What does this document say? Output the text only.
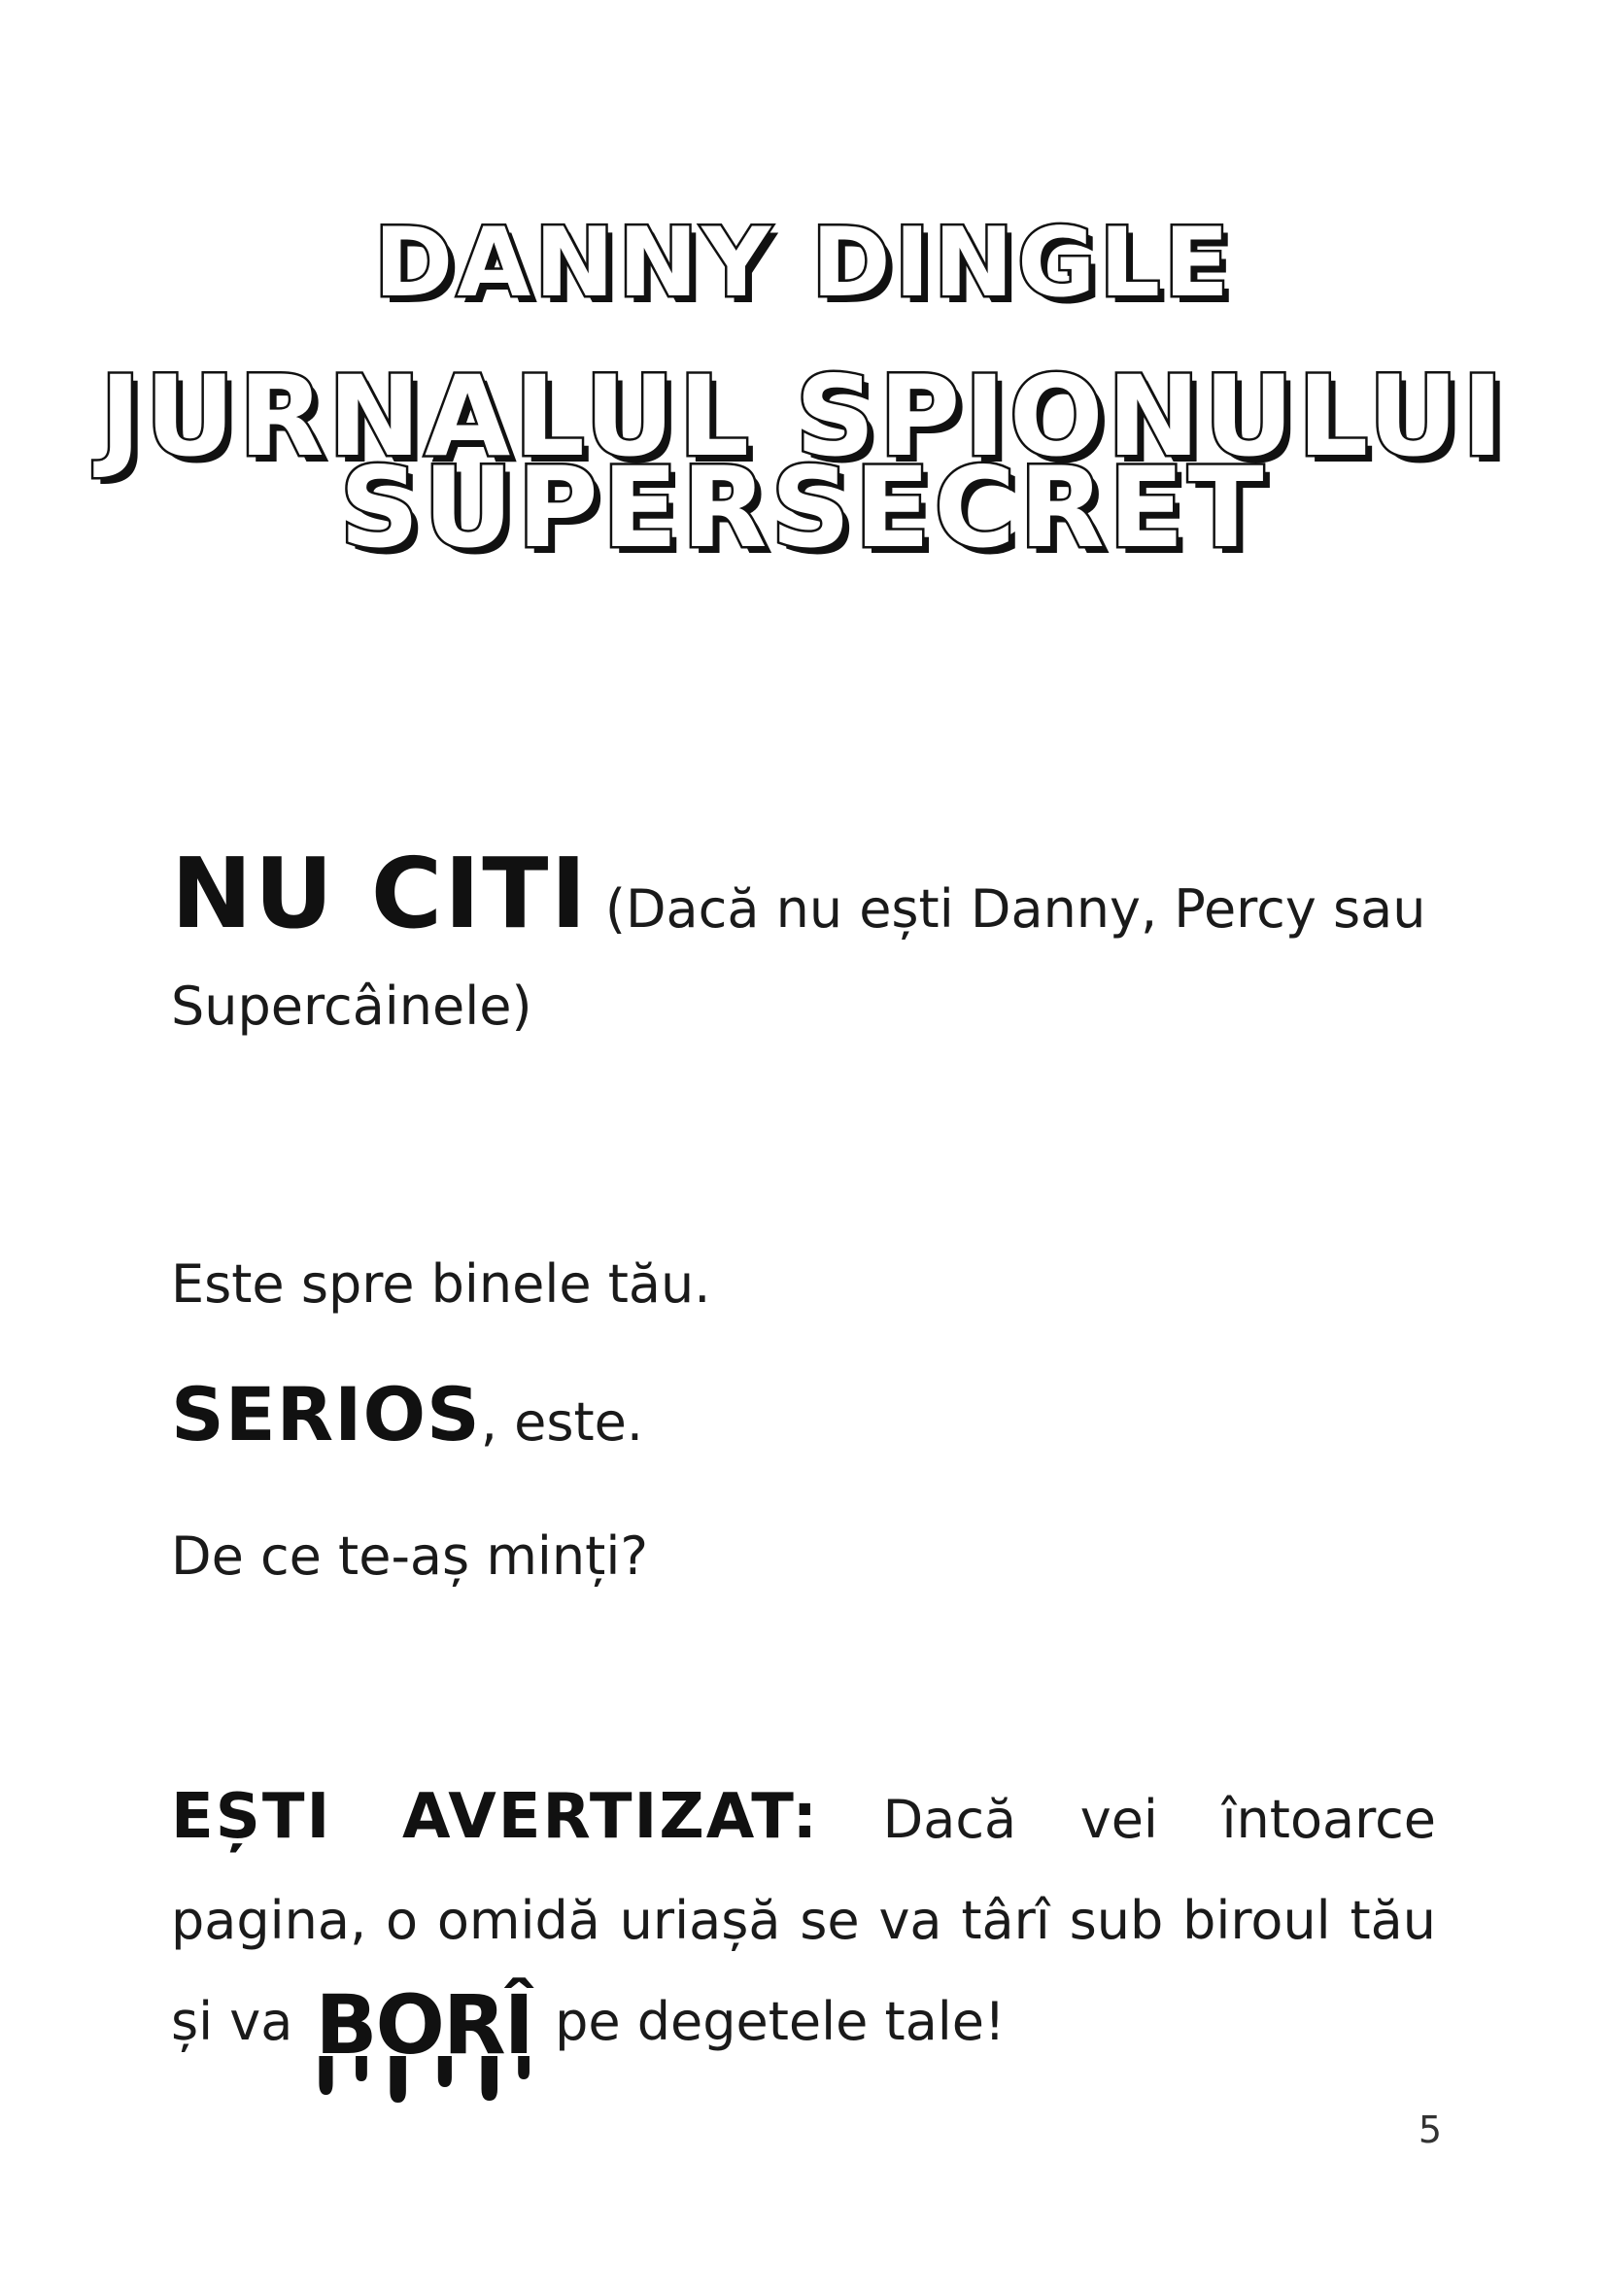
DANNY DINGLE
JURNALUL SPIONULUI
SUPERSECRET
NU CITI (Dacă nu ești Danny, Percy sau Supercâinele)
Este spre binele tău.
SERIOS, este.
De ce te-aș minți?
EȘTI AVERTIZAT: Dacă vei întoarce pagina, o omidă uriașă se va târî sub biroul tău și va BORÎ pe degetele tale!
5
